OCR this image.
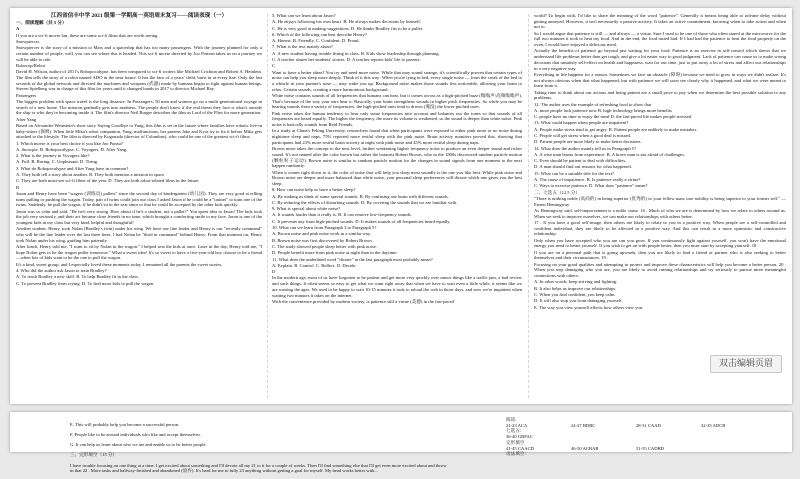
江西省信丰中学 2021 级第一学期高一英语周末复习——阅读表现（一）

一、阅读理解（共 5 分）

A

If you are a sci-fi movie fan, these are some sci-fi films that are worth seeing.

Snowpiercer

Snowpiercer is the story of a mission to Mars and a spaceship that has too many passengers. With the journey planned for only a certain number of people, well, you can see where this is headed. This sci-fi movie directed by Joo Ponsun takes us on a journey we will be able to ride.

Robocop/Robot

David H. Wilson, author of 2011's Robopocalypse, has been compared to sci-fi writers like Michael Crichton and Robert A. Heinlein. The film tells the story of a robot named ADO in the near future. It has the face of a years' child, burst in at every line. Only the last seconds of the global network and directed the machines and weapons (武器) made by humans began to fight against human beings. Steven Spielberg was in charge of this film for years until it changed hands in 2017 to director Michael Bay.

Passengers

The biggest problem with space travel is the long distance. In Passengers, 50 men and women go on a multi-generational voyage in search of a new home. The mission gradually gets into madness. The people don't know if the real threat they face is what's outside the ship or who they're becoming inside it. The film's director Neil Burger describes the film as Lord of the Flies for more generation.

After Yang

Based on Alexander Weinstein's short story Saying Goodbye to Yang, this film is set in the future where families have robotic live-in baby-sitters (保姆). When little Mika's robot companion, Yang, malfunctions, her parents Jake and Kyra try to fix it before Mika gets attached to the lifestyle. The film is directed by Kogonada (director of Columbus), who could be one of the greatest sci-fi films.

1. Which movie is your best choice if you like Joo Punsu?

A. Snowpie. B. Robopocalypse. C. Voyagers. D. After Yang.

2. What is the journey in Voyagers like?

A. Full. B. Boring. C. Unpleasant. D. Tiring.

3. What do Robopocalypse and After Yang have in common?

A. They both tell a story about another. B. They both mention a mission in space.

C. They are both must-see sci-fi films of the year. D. They are both robot-related films in the future.

B

Jason and Henry have been "wagers (训练员) pallets" since the second day of kindergarten (幼儿园). They are very good at telling turns pulling or pushing the wagon. Today, pair of twins could join our class I asked Jason if he could be a "trainer" to train one of the twins. Suddenly, he pull the wagon, if he didn't sit in the seat since to that he could be accepted by the other kids quickly.

Jason was so calm and said, "He isn't very strong. How about if he's a student, not a pallet?" You spent idea to Jason! The kids took the job very seriously, and their act became close friends in no time, which brought a comforting smile to my face. Jason is one of the youngest kids in my class but very kind, helpful and thoughtful!

Another student, Henry, took Nolan (Bradley's twin) under his wing. We have our line leader and Henry is our "recently command" who will be the line leader over the last three lines. I had Nolan be "third in command" behind Henry. From that moment on, Henry took Nolan under his wing, guiding him patiently.

After lunch, Henry told me, "I want to sit by Nolan in the wagon." I helped seat the kids at once. Later in the day, Henry told me, "I hope Nolan gets to be the wagon puller tomorrow." What a sweet idea! It's so sweet to have a five-year-old boy choose to be a friend—when lots of kids want to be the one to pull the wagon.

It's a kind, sweet group, and I especially loved these moments today. I remained all the parents the sweet stories.

4. Who did the author ask Jason to train Bradley?

A. To teach Bradley a new skill. B. To help Bradley fit in the class.

C. To prevent Bradley from crying. D. To find more kids to pull the wagon.

5. What can we learn about Jason?

A. He enjoys following his own heart. B. He always makes decisions by himself.

C. He is very good at making suggestions. D. He thinks Bradley fits to be a puller.

6. Which of the following can best describe Henry?

A. Honest. B. Friendly. C. Confident. D. Proud.

7. What is the text mainly about?

A. A new student having trouble fitting in class. B. Kids show leadership through planning.

C. A teacher shares her students' stories. D. A teacher reports kids' life to parents.

C

Want to have a better ideas? You try and need more noise. While that may sound strange, it's scientifically proven that certain types of noise can help you sleep more deeply. Think of it this way: When you're lying in bed, every single noise — from the creak of the bed to a whistle in your partner's nose — may wake you up. Background noise makes those sounds less noticeable, allowing your brain to relax. Certain sounds, creating a more harmonious background.

White noise contains sounds of all frequencies that humans can hear, but it comes across as a high-pitched buzz (嗡嗡声/高频嗡嗡声). That's because of the way your ears hear it. Basically, your brain strengthens sounds in higher pitch frequencies. So while you may be hearing sounds from a variety of frequencies, the high-pitched ones tend to drown (淹没) the lower pitched ones.

Pink noise takes the human tendency to hear only some frequencies into account and balances out the tones so that sounds of all frequencies are heard equally. The higher the frequency, the more its volume is weakened, so the sound is deeper than white noise. Pink noise is basically sounds from Reid Friends.

In a study at China's Peking University, researchers found that when participants were exposed to either pink noise or no noise during nighttime sleep and naps, 75% reported more restful sleep with the pink noise. Brain activity monitors proved this, showing that participants had 23% more restful brain activity at night with pink noise and 45% more restful sleep during naps.

Brown noise takes the concept to the next level, further weakening higher frequency noise to produce an even deeper sound and richer sound. It's not named after the color brown but rather the botanist Robert Brown, who in the 1800s discovered random particle motion (颗粒粒子运动). Brown noise is similar to random particle motion for the changes in sound signals from one moment to the next happen randomly.

When it comes right down to it, the color of noise that will help you sleep most soundly is the one you like best. While pink noise and Brown noise are deeper and more balanced than white noise, your personal sleep preferences will dictate which one gives you the best sleep.

8. How can noise help us have a better sleep?

A. By making us think of some special sounds. B. By confusing our brain with different sounds.

C. By reducing the effects of disturbing sounds. D. By covering the sounds that we are familiar with.

9. What is special about white noise?

A. It sounds louder than it really is. B. It can remove low-frequency sounds.

C. It prevents any from high-pitched sounds. D. It makes sounds of all frequencies heard equally.

10. What can we learn from Paragraph 3 to Paragraph 5?

A. Brown noise and pink noise work in a similar way.

B. Brown noise was first discovered by Robert Brown.

C. The study showed people sleep better with pink noise.

D. People benefit more from pink noise at night than in the daytime.

11. What does the underlined word "dictate" in the last paragraph most probably mean?

A. Explain. B. Control. C. Reflect. D. Decide.

D

In the modern age, most of us have forgotten to be patient and get more very quickly over minor things like a traffic jam, a bad review and such things. It often seems so easy to get what we want right away that when we have to wait even a little while, it seems like we are wasting the ages. We used to be happy to wait 10-15 minutes it took to reload the web in those days, and now we're impatient when waiting two minutes it takes on the internet.

With the convenience provided by modern society, is patience still a virtue (美德) in the fast-paced

world? To begin with, I'd like to share the meaning of the word "patience". Generally it means being able to tolerate delay without getting annoyed. However, it isn't necessarily a passive activity. It takes an active commitment, knowing when to take action and when not to.

So I would argue that patience is still — and always — a virtue. Sure I used to be one of those who often stared at the microwave for the full two minutes it took to heat my food. And in the end, the food tasted bad. If I had had the patience to heat the food properly on the oven, I would have enjoyed a delicious meal.

Actually the benefits of patience go beyond just waiting for your food. Patience is an exercise in self-control which shows that we understand life problems better than get tough, and give a lot easier way to good judgment. Lack of patience can cause us to make wrong decisions that unsatisfy self-effect on health and happiness, wait for our time, just to put away a lot of stress and affect our relationships in a very negative way.

Everything in life happens for a reason. Sometimes we face an obstacle (障碍) because we need to grow in ways we didn't realize. It's not always obvious when that what happened, but with patience we will soon see clearly why it happened, and what we were meant to learn from it.

Taking time to think about our actions and being patient are a small price to pay when we determine the best possible solution to any problems.

12. The author uses the example of refreshing food to show that

A. more people lack patience now B. high technology brings more benefits

C. people have no time to enjoy the meal D. the fast-paced life makes people stressed

13. What could happen when people are impatient?

A. People make stress tend to get angry. B. Patient people are unlikely to make mistakes.

C. People will get stress when a good deal is missed.

D. Patient people are more likely to make better decisions.

14. What does the author mainly tell us in Paragraph 5?

A. A wise man learns from experience. B. A brave man is not afraid of challenges.

C. Even should be patient to deal with difficulties.

D. A man should find out reasons for what happened.

15. What can be a suitable title for the text?

A. The cause of impatience. B. Is patience really a virtue?

C. Ways to exercise patience. D. What does "patience" mean?

二、七选五（12.5 分）

"There is nothing noble (高尚的) in being superior (优秀的) to your fellow man; true nobility is being superior to your former self." — Ernest Hemingway

As Hemingway said, self-improvement is a noble cause. 16 . Much of who we are is determined by how we relate to others around us. When we seek to improve ourselves, we can make our relationships with others better.

17 . If you have a good self-image, then others are likely to relate to you in a positive way. When people see a self-controlled and confident individual, they are likely to be affected in a positive way. And this can result in a more optimistic and constructive relationship.

Only when you have accepted who you are can you grow. If you continuously fight against yourself, you won't have the emotional energy you need to better yourself. If you wish to get on with people better, then you must start by accepting yourself. 18 .

If you are on a personal path that is going upwards, then you are likely to find a friend or partner who is also seeking to better themselves and their circumstances. 19 .

Focusing on your good qualities and attempting to protect and improve these characteristics will help you become a better person. 20 . When you stop damaging who you are, you are likely to avoid ruining relationships and try seriously to pursue more meaningful connections with others.

A. In other words, keep striving and fighting.

B. It also helps us improve our relationships.

C. When you find confident, you keep calm.

D. It will also stop you from damaging yourself.

E. The way you view yourself affects how others view you.

双击编辑页眉

E. This will probably help you become a successful person.

F. People like to be around individuals who like and accept themselves.

G. It can help us learn about who we are and enable us to be better people.

三、完形填空（15 分）

I have trouble focusing on one thing at a time. I get excited about something and I'll devote all my 21 to it for a couple of weeks. Then I'll find something else that I'll get even more excited about and throw in that 22 . More tasks and halfway-finished and abandoned (放弃). It's hard for me to fully 23 anything without getting a goal for myself. My head works better with...

阅读:
21-23 ACA	24-27 BDBC	28-31 CAAD	32-35 ADCB
七选五：
36-40 GBFAC
完形填空
41-45 CAACD	46-50 ACBAB	51-55 CADBD
语法填空：
